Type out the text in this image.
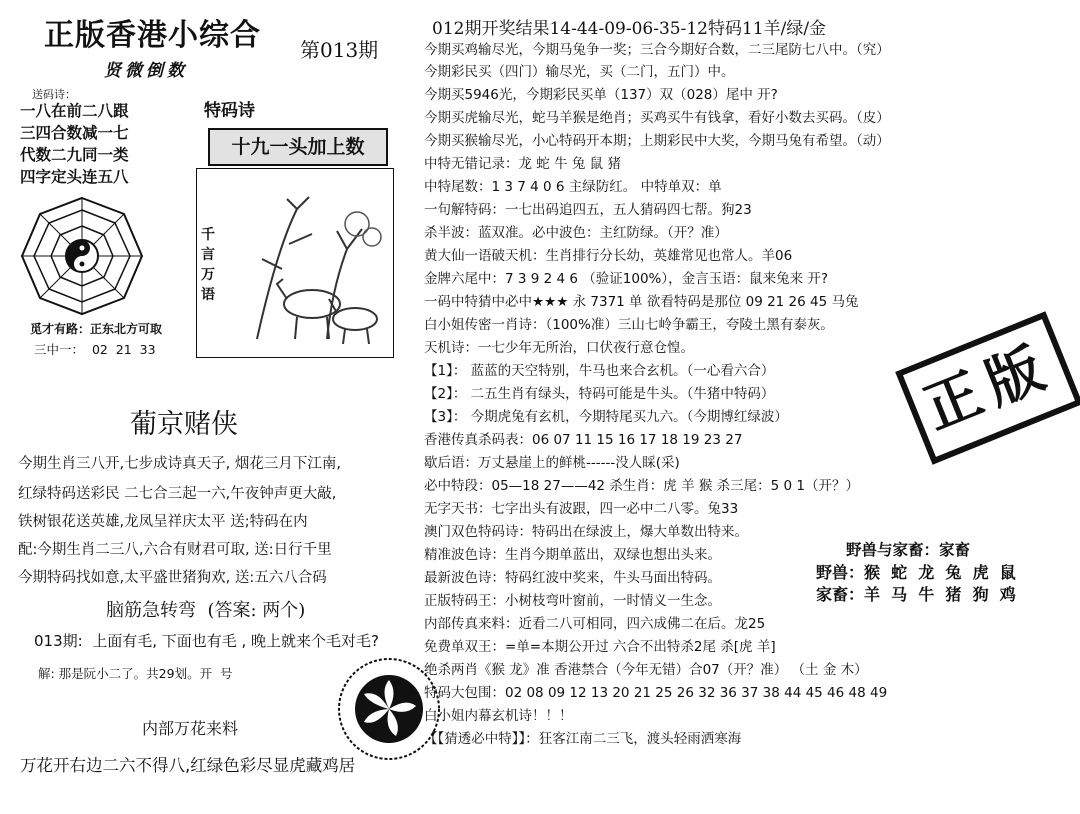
正版香港小综合 第013期
贤微倒数
送码诗：
一八在前二八跟
三四合数减一七
代数二九同一类
四字定头连五八
特码诗
十九一头加上数
千言万语
觅才有路：正东北方可取
三中一：  02  21  33
葡京赌侠
今期生肖三八开,七步成诗真天子, 烟花三月下江南,
红绿特码送彩民 二七合三起一六,午夜钟声更大敲,
铁树银花送英雄,龙凤呈祥庆太平 送;特码在内
配:今期生肖二三八,六合有财君可取, 送:日行千里
今期特码找如意,太平盛世猪狗欢, 送:五六八合码
脑筋急转弯  (答案: 两个)
013期:  上面有毛, 下面也有毛 , 晚上就来个毛对毛?
解: 那是阮小二了。共29划。开  号
内部万花来料
万花开右边二六不得八,红绿色彩尽显虎藏鸡居
012期开奖结果14-44-09-06-35-12特码11羊/绿/金
今期买鸡输尽光，今期马兔争一奖；三合今期好合数，二三尾防七八中。（究）
今期彩民买（四门）输尽光，买（二门，五门）中。
今期买5946光，今期彩民买单（137）双（028）尾中 开?
今期买虎输尽光，蛇马羊猴是绝肖；买鸡买牛有钱拿，看好小数去买码。（皮）
今期买猴输尽光，小心特码开本期；上期彩民中大奖，今期马兔有希望。（动）
中特无错记录：龙 蛇 牛 兔 鼠 猪
中特尾数：1 3 7 4 0 6 主绿防红。 中特单双：单
一句解特码：一七出码追四五，五人猜码四七帮。狗23
杀半波：蓝双准。必中波色：主红防绿。（开？准）
黄大仙一语破天机：生肖排行分长幼，英雄常见也常人。羊06
金牌六尾中：7 3 9 2 4 6 （验证100%），金言玉语：鼠来兔来 开?
一码中特猜中必中★★★ 永 7371 单 欲看特码是那位 09 21 26 45 马兔
白小姐传密一肖诗：（100%准）三山七岭争霸王，夸陵土黑有泰灰。
天机诗：一七少年无所治，口伏夜行意仓惶。
【1】： 蓝蓝的天空特别，牛马也来合玄机。（一心看六合）
【2】： 二五生肖有绿头，特码可能是牛头。（牛猪中特码）
【3】： 今期虎兔有玄机，今期特尾买九六。（今期博红绿波）
香港传真杀码表：06 07 11 15 16 17 18 19 23 27
歇后语：万丈悬崖上的鲜桃------没人睬(采)
必中特段：05—18 27——42 杀生肖：虎 羊 猴 杀三尾：5 0 1（开？）
无字天书：七字出头有波跟，四一必中二八零。兔33
澳门双色特码诗：特码出在绿波上，爆大单数出特来。
精准波色诗：生肖今期单蓝出，双绿也想出头来。
最新波色诗：特码红波中奖来，牛头马面出特码。
正版特码王：小树枝弯叶窗前，一时情义一生念。
内部传真来料：近看二八可相同，四六成佛二在后。龙25
免费单双王：=单=本期公开过 六合不出特杀2尾 杀[虎 羊]
绝杀两肖《猴 龙》准 香港禁合（今年无错）合07（开？准） （土 金 木）
特码大包围：02 08 09 12 13 20 21 25 26 32 36 37 38 44 45 46 48 49
白小姐内幕玄机诗！！！
【【猜透必中特】】：狂客江南二三飞，渡头轻雨洒寒海
正版
野兽与家畜：家畜
野兽：猴  蛇  龙  兔  虎  鼠
家畜：羊  马  牛  猪  狗  鸡
